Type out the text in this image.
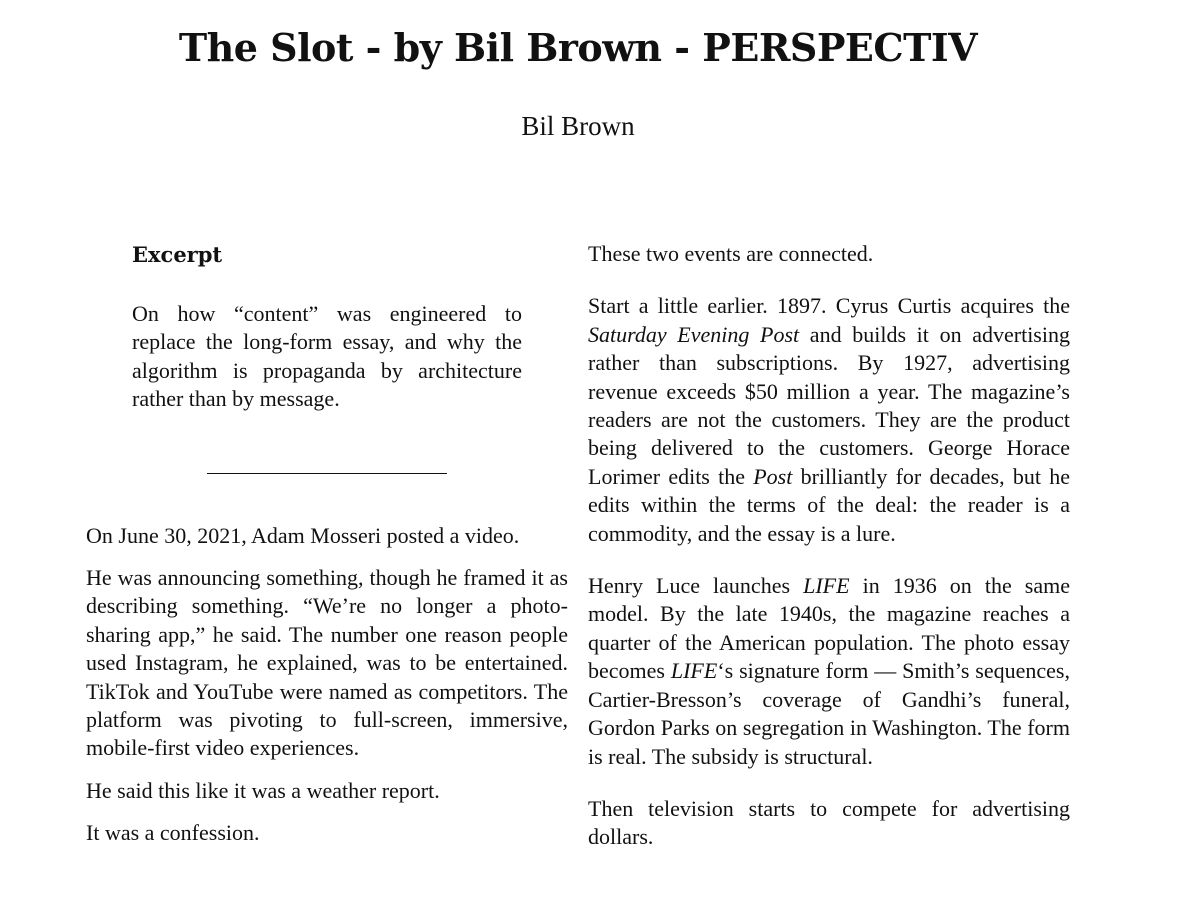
The Slot - by Bil Brown - PERSPECTIV
Bil Brown
Excerpt

On how “content” was engineered to replace the long-form essay, and why the algorithm is propaganda by architecture rather than by message.

On June 30, 2021, Adam Mosseri posted a video.

He was announcing something, though he framed it as describing something. “We’re no longer a photo-sharing app,” he said. The number one reason people used Instagram, he explained, was to be entertained. TikTok and YouTube were named as competitors. The platform was pivoting to full-screen, immersive, mobile-first video experiences.

He said this like it was a weather report.

It was a confession.

These two events are connected.

Start a little earlier. 1897. Cyrus Curtis acquires the Saturday Evening Post and builds it on advertising rather than subscriptions. By 1927, advertising revenue exceeds $50 million a year. The magazine’s readers are not the customers. They are the product being delivered to the customers. George Horace Lorimer edits the Post brilliantly for decades, but he edits within the terms of the deal: the reader is a commodity, and the essay is a lure.

Henry Luce launches LIFE in 1936 on the same model. By the late 1940s, the magazine reaches a quarter of the American population. The photo essay becomes LIFE‘s signature form — Smith’s sequences, Cartier-Bresson’s coverage of Gandhi’s funeral, Gordon Parks on segregation in Washington. The form is real. The subsidy is structural.

Then television starts to compete for advertising dollars.
